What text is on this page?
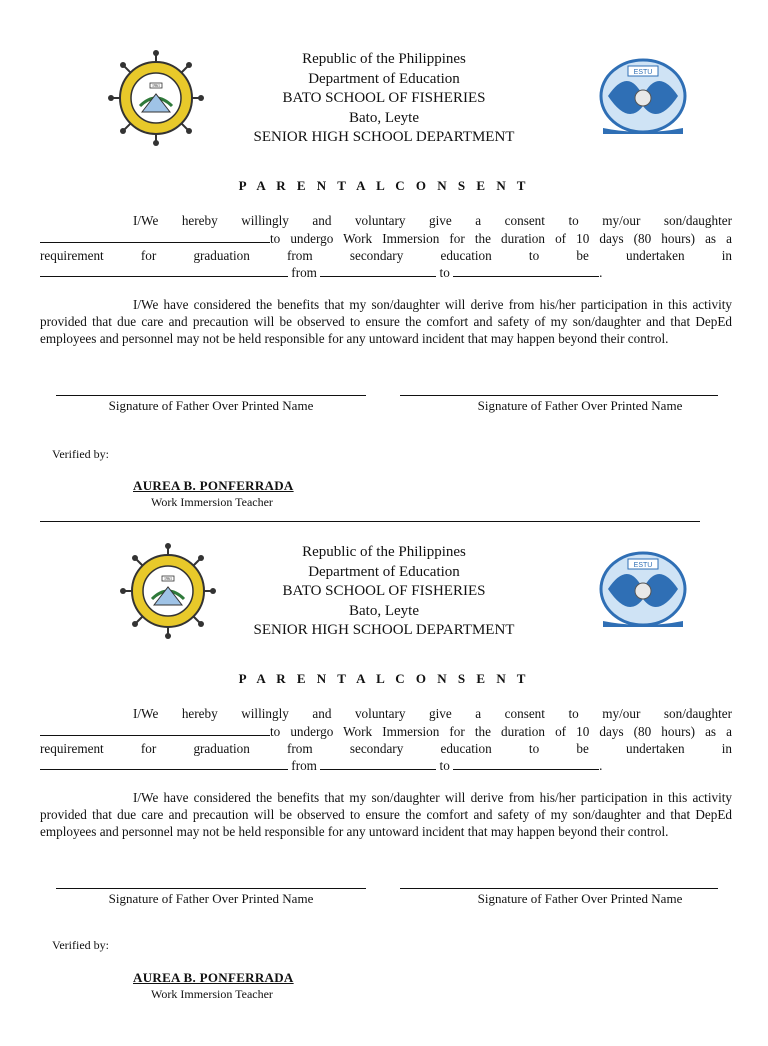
1961
Republic of the Philippines
Department of Education
BATO SCHOOL OF FISHERIES
Bato, Leyte
SENIOR HIGH SCHOOL DEPARTMENT
ESTU
P A R E N T A L C O N S E N T
I/We hereby willingly and voluntary give a consent to my/our son/daughter
to undergo Work Immersion for the duration of 10 days (80 hours) as a
requirement for graduation from secondary education to be undertaken in
from	to	.
I/We have considered the benefits that my son/daughter will derive from his/her participation in this activity provided that due care and precaution will be observed to ensure the comfort and safety of my son/daughter and that DepEd employees and personnel may not be held responsible for any untoward incident that may happen beyond their control.
Signature of Father Over Printed Name	Signature of Father Over Printed Name
Verified by:
AUREA B. PONFERRADA
Work Immersion Teacher
1961
Republic of the Philippines
Department of Education
BATO SCHOOL OF FISHERIES
Bato, Leyte
SENIOR HIGH SCHOOL DEPARTMENT
ESTU
P A R E N T A L C O N S E N T
I/We hereby willingly and voluntary give a consent to my/our son/daughter
to undergo Work Immersion for the duration of 10 days (80 hours) as a
requirement for graduation from secondary education to be undertaken in
from	to	.
I/We have considered the benefits that my son/daughter will derive from his/her participation in this activity provided that due care and precaution will be observed to ensure the comfort and safety of my son/daughter and that DepEd employees and personnel may not be held responsible for any untoward incident that may happen beyond their control.
Signature of Father Over Printed Name	Signature of Father Over Printed Name
Verified by:
AUREA B. PONFERRADA
Work Immersion Teacher
